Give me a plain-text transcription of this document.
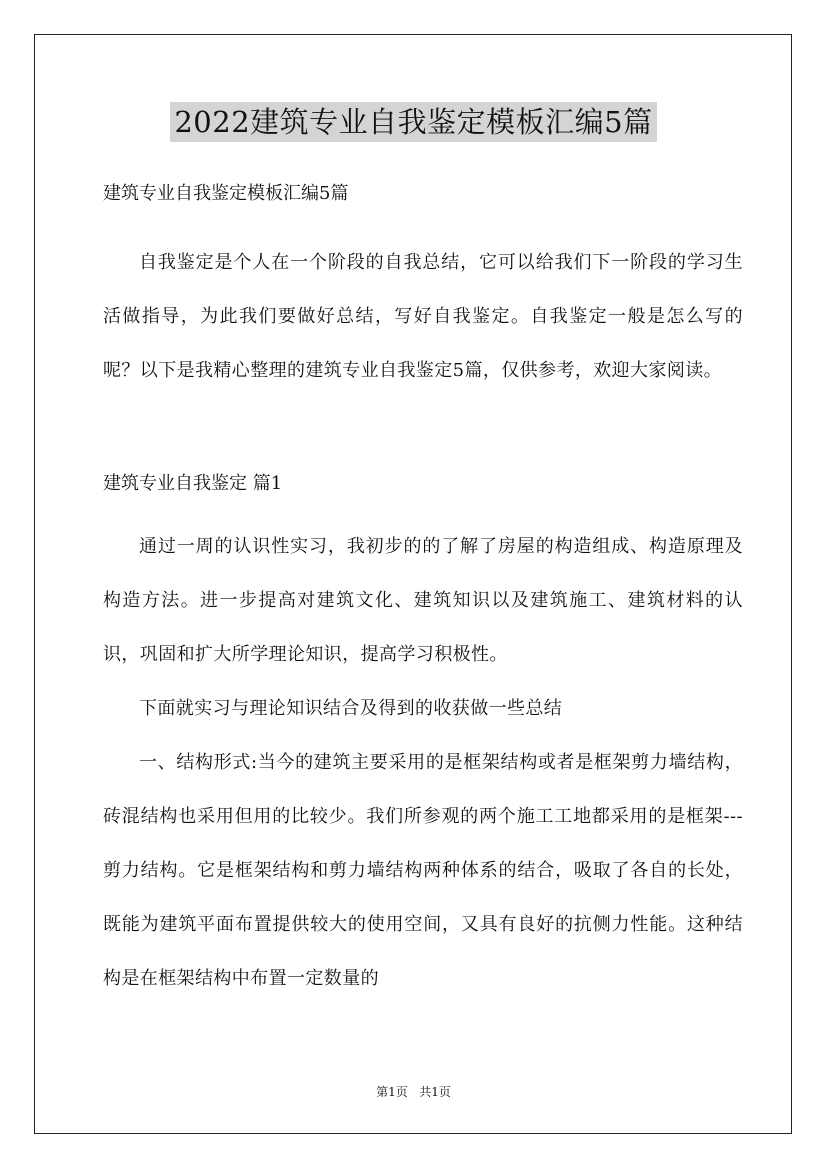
2022建筑专业自我鉴定模板汇编5篇

建筑专业自我鉴定模板汇编5篇

自我鉴定是个人在一个阶段的自我总结，它可以给我们下一阶段的学习生活做指导，为此我们要做好总结，写好自我鉴定。自我鉴定一般是怎么写的呢？以下是我精心整理的建筑专业自我鉴定5篇，仅供参考，欢迎大家阅读。

建筑专业自我鉴定 篇1

通过一周的认识性实习，我初步的的了解了房屋的构造组成、构造原理及构造方法。进一步提高对建筑文化、建筑知识以及建筑施工、建筑材料的认识，巩固和扩大所学理论知识，提高学习积极性。

下面就实习与理论知识结合及得到的收获做一些总结

一、结构形式:当今的建筑主要采用的是框架结构或者是框架剪力墙结构，砖混结构也采用但用的比较少。我们所参观的两个施工工地都采用的是框架---剪力结构。它是框架结构和剪力墙结构两种体系的结合，吸取了各自的长处，既能为建筑平面布置提供较大的使用空间，又具有良好的抗侧力性能。这种结构是在框架结构中布置一定数量的

第1页   共1页
